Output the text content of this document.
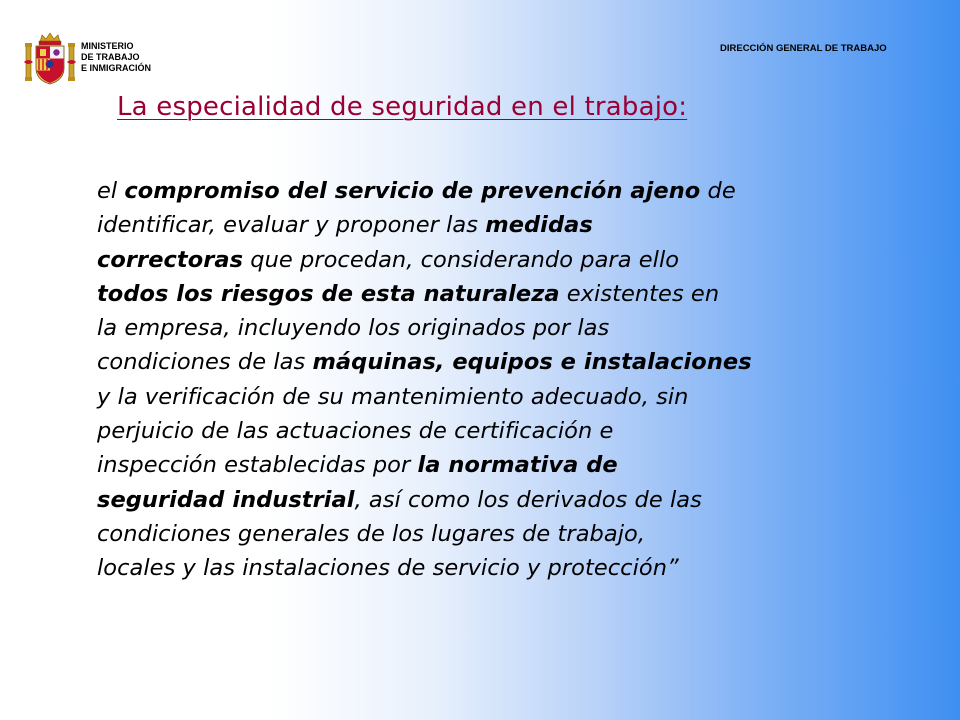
MINISTERIO
DE TRABAJO
E INMIGRACIÓN
DIRECCIÓN GENERAL DE TRABAJO
La especialidad de seguridad en el trabajo:
el compromiso del servicio de prevención ajeno de
identificar, evaluar y proponer las medidas
correctoras que procedan, considerando para ello
todos los riesgos de esta naturaleza existentes en
la empresa, incluyendo los originados por las
condiciones de las máquinas, equipos e instalaciones
y la verificación de su mantenimiento adecuado, sin
perjuicio de las actuaciones de certificación e
inspección establecidas por la normativa de
seguridad industrial, así como los derivados de las
condiciones generales de los lugares de trabajo,
locales y las instalaciones de servicio y protección”
